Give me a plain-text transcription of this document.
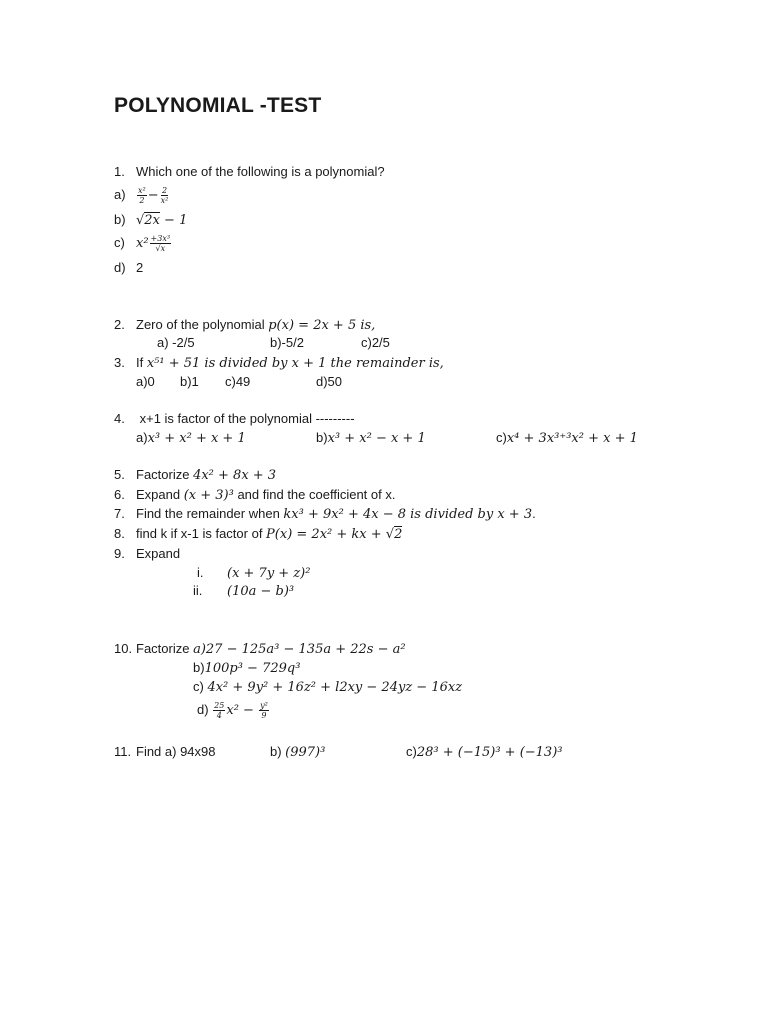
POLYNOMIAL -TEST
1. Which one of the following is a polynomial?
$a) \frac{\text{x²}}{2} - \frac{2}{\text{x²}}$
b) √2x − 1
c) $x^2 \frac{\text{+3x³}}{√x}$
d) 2
2. Zero of the polynomial p(x) = 2x + 5 is,
a) -2/5	b)-5/2	c)2/5
3. If x⁵¹ + 51 is divided by x + 1 the remainder is,
a)0 b)1 c)49	d)50
4. x+1 is factor of the polynomial ---------
a)x³ + x² + x + 1	b)x³ + x² − x + 1	c)x⁴ + 3x³⁺³x² + x + 1
5. Factorize 4x² + 8x + 3
6. Expand (x + 3)³ and find the coefficient of x.
7. Find the remainder when kx³ + 9x² + 4x − 8 is divided by x + 3.
8. find k if x-1 is factor of P(x) = 2x² + kx + √2
9. Expand
i. (x + 7y + z)²
ii. (10a − b)³
10. Factorize a)27 − 125a³ − 135a + 22s − a²
b)100p³ − 729q³
c) 4x² + 9y² + 16z² + l2xy − 24yz − 16xz
$d) \frac{25}{4} x^2 - \frac{\text{y²}}{9}$
11. Find a) 94x98	b) (997)³	c)28³ + (−15)³ + (−13)³
